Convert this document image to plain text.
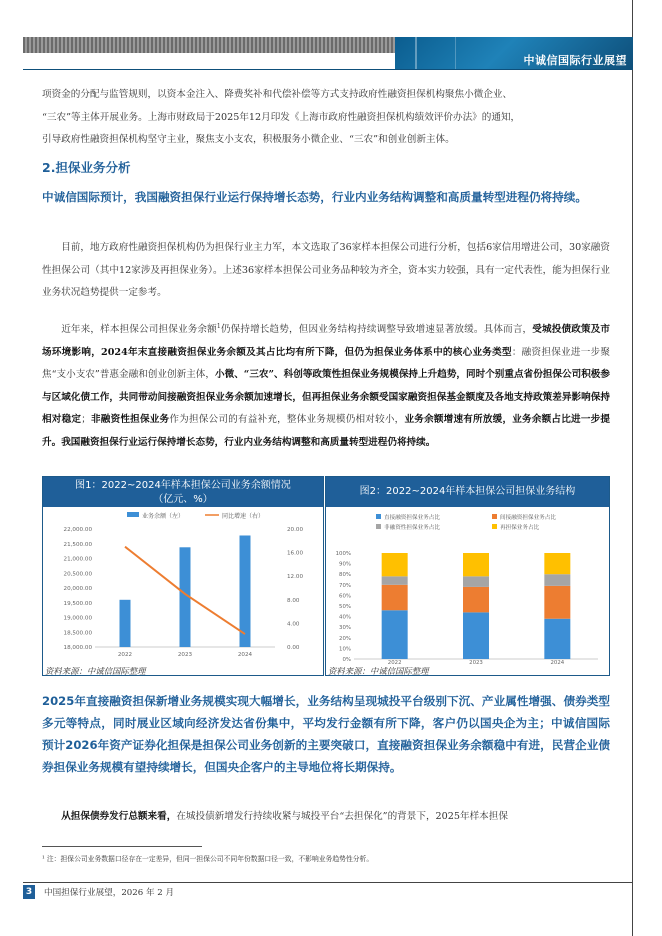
中诚信国际行业展望
项资金的分配与监管规则，以资本金注入、降费奖补和代偿补偿等方式支持政府性融资担保机构聚焦小微企业、
“三农”等主体开展业务。上海市财政局于2025年12月印发《上海市政府性融资担保机构绩效评价办法》的通知，
引导政府性融资担保机构坚守主业，聚焦支小支农，积极服务小微企业、“三农”和创业创新主体。
2.担保业务分析
中诚信国际预计，我国融资担保行业运行保持增长态势，行业内业务结构调整和高质量转型进程仍将持续。
目前，地方政府性融资担保机构仍为担保行业主力军，本文选取了36家样本担保公司进行分析，包括6家信用增进公司，30家融资性担保公司（其中12家涉及再担保业务）。上述36家样本担保公司业务品种较为齐全，资本实力较强，具有一定代表性，能为担保行业业务状况趋势提供一定参考。
近年来，样本担保公司担保业务余额$^1$仍保持增长趋势，但因业务结构持续调整导致增速显著放缓。具体而言，受城投债政策及市场环境影响，2024年末直接融资担保业务余额及其占比均有所下降，但仍为担保业务体系中的核心业务类型：融资担保业进一步聚焦“支小支农”普惠金融和创业创新主体，小微、“三农”、科创等政策性担保业务规模保持上升趋势，同时个别重点省份担保公司积极参与区域化债工作，共同带动间接融资担保业务余额加速增长，但再担保业务余额受国家融资担保基金额度及各地支持政策差异影响保持相对稳定；非融资性担保业务作为担保公司的有益补充，整体业务规模仍相对较小，业务余额增速有所放缓，业务余额占比进一步提升。我国融资担保行业运行保持增长态势，行业内业务结构调整和高质量转型进程仍将持续。
图1：2022~2024年样本担保公司业务余额情况
（亿元、%）
业务余额（左）	同比增速（右）
18,000.00
18,500.00
19,000.00
19,500.00
20,000.00
20,500.00
21,000.00
21,500.00
22,000.00
0.00
4.00
8.00
12.00
16.00
20.00
2022	2023	2024
资料来源：中诚信国际整理
图2：2022~2024年样本担保公司担保业务结构
直接融资担保业务占比	间接融资担保业务占比
非融资性担保业务占比	再担保业务占比
0%
10%
20%
30%
40%
50%
60%
70%
80%
90%
100%
2022	2023	2024
资料来源：中诚信国际整理
2025年直接融资担保新增业务规模实现大幅增长，业务结构呈现城投平台级别下沉、产业属性增强、债券类型多元等特点，同时展业区域向经济发达省份集中，平均发行金额有所下降，客户仍以国央企为主；中诚信国际预计2026年资产证券化担保是担保公司业务创新的主要突破口，直接融资担保业务余额稳中有进，民营企业债券担保业务规模有望持续增长，但国央企客户的主导地位将长期保持。
从担保债券发行总额来看，在城投债新增发行持续收紧与城投平台“去担保化”的背景下，2025年样本担保
¹ 注：担保公司业务数据口径存在一定差异，但同一担保公司不同年份数据口径一致，不影响业务趋势性分析。
3	中国担保行业展望，2026 年 2 月
